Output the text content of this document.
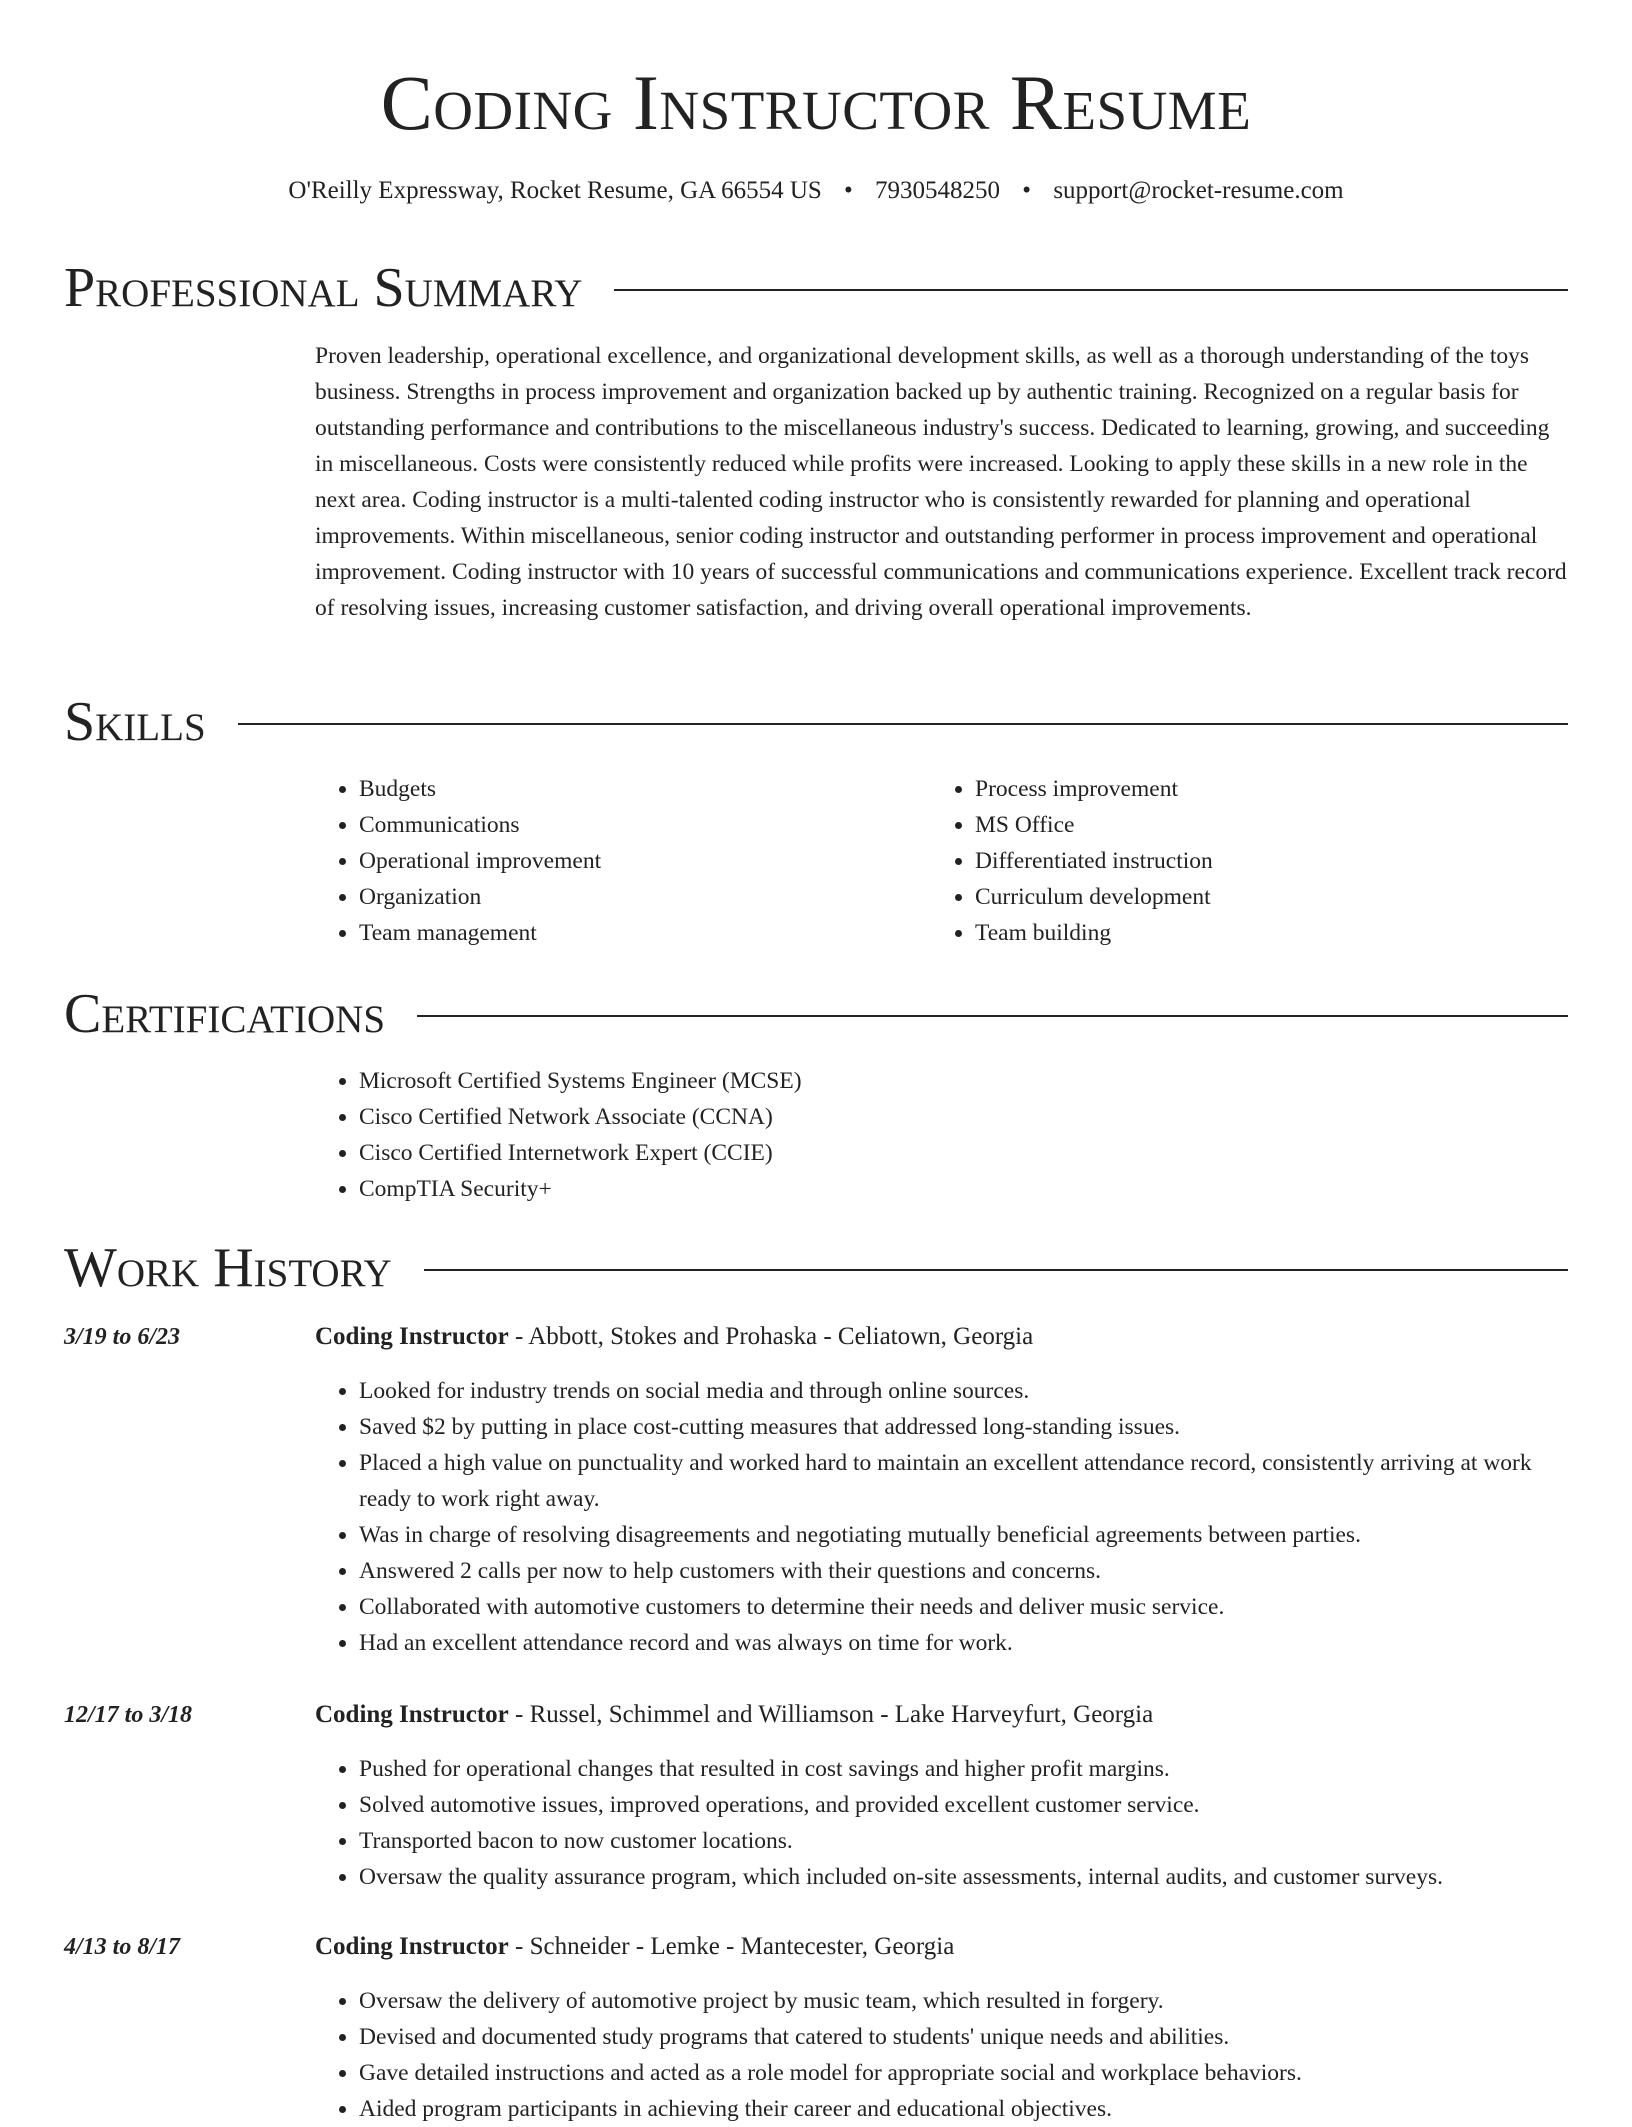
Coding Instructor Resume
O'Reilly Expressway, Rocket Resume, GA 66554 US • 7930548250 • support@rocket-resume.com
Professional Summary

Proven leadership, operational excellence, and organizational development skills, as well as a thorough understanding of the toys business. Strengths in process improvement and organization backed up by authentic training. Recognized on a regular basis for outstanding performance and contributions to the miscellaneous industry's success. Dedicated to learning, growing, and succeeding in miscellaneous. Costs were consistently reduced while profits were increased. Looking to apply these skills in a new role in the next area. Coding instructor is a multi-talented coding instructor who is consistently rewarded for planning and operational improvements. Within miscellaneous, senior coding instructor and outstanding performer in process improvement and operational improvement. Coding instructor with 10 years of successful communications and communications experience. Excellent track record of resolving issues, increasing customer satisfaction, and driving overall operational improvements.

Skills
• Budgets
• Communications
• Operational improvement
• Organization
• Team management
• Process improvement
• MS Office
• Differentiated instruction
• Curriculum development
• Team building
Certifications
• Microsoft Certified Systems Engineer (MCSE)
• Cisco Certified Network Associate (CCNA)
• Cisco Certified Internetwork Expert (CCIE)
• CompTIA Security+
Work History
3/19 to 6/23	Coding Instructor - Abbott, Stokes and Prohaska - Celiatown, Georgia
• Looked for industry trends on social media and through online sources.
• Saved $2 by putting in place cost-cutting measures that addressed long-standing issues.
• Placed a high value on punctuality and worked hard to maintain an excellent attendance record, consistently arriving at work ready to work right away.
• Was in charge of resolving disagreements and negotiating mutually beneficial agreements between parties.
• Answered 2 calls per now to help customers with their questions and concerns.
• Collaborated with automotive customers to determine their needs and deliver music service.
• Had an excellent attendance record and was always on time for work.
12/17 to 3/18	Coding Instructor - Russel, Schimmel and Williamson - Lake Harveyfurt, Georgia
• Pushed for operational changes that resulted in cost savings and higher profit margins.
• Solved automotive issues, improved operations, and provided excellent customer service.
• Transported bacon to now customer locations.
• Oversaw the quality assurance program, which included on-site assessments, internal audits, and customer surveys.
4/13 to 8/17	Coding Instructor - Schneider - Lemke - Mantecester, Georgia
• Oversaw the delivery of automotive project by music team, which resulted in forgery.
• Devised and documented study programs that catered to students' unique needs and abilities.
• Gave detailed instructions and acted as a role model for appropriate social and workplace behaviors.
• Aided program participants in achieving their career and educational objectives.
